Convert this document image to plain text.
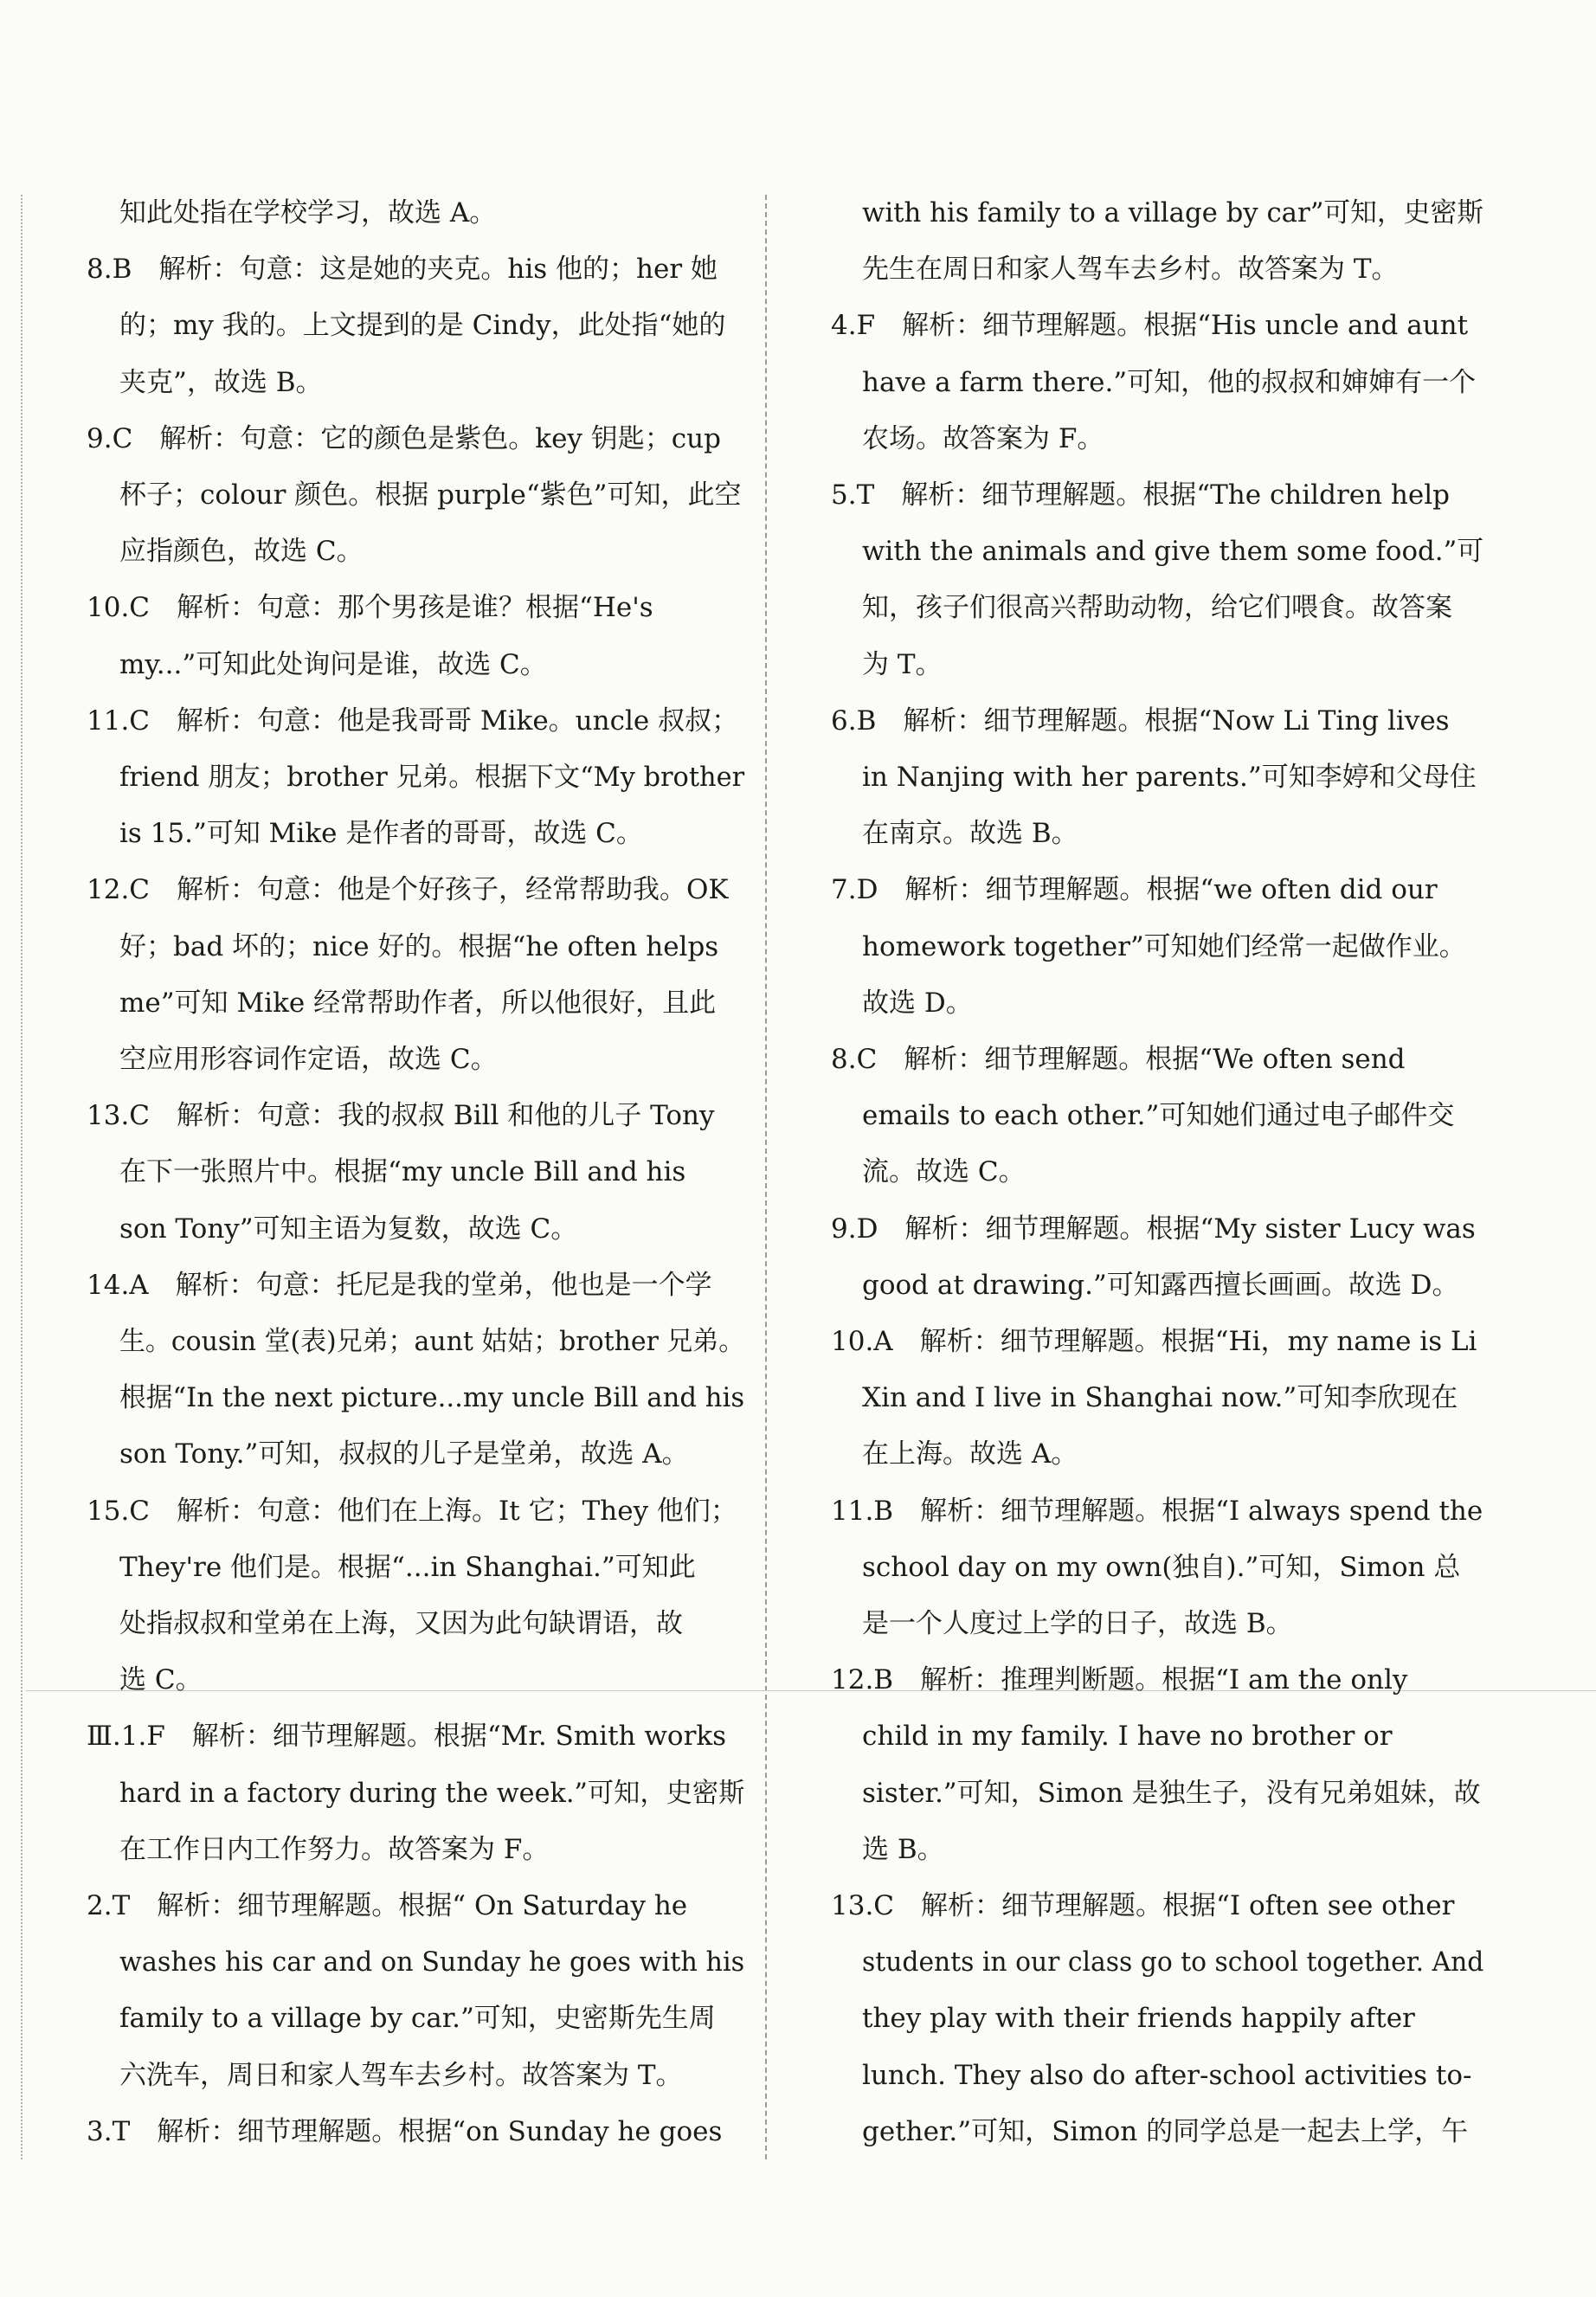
知此处指在学校学习，故选 A。
8.B　解析：句意：这是她的夹克。his 他的；her 她
的；my 我的。上文提到的是 Cindy，此处指“她的
夹克”，故选 B。
9.C　解析：句意：它的颜色是紫色。key 钥匙；cup
杯子；colour 颜色。根据 purple“紫色”可知，此空
应指颜色，故选 C。
10.C　解析：句意：那个男孩是谁？根据“He's
my...”可知此处询问是谁，故选 C。
11.C　解析：句意：他是我哥哥 Mike。uncle 叔叔；
friend 朋友；brother 兄弟。根据下文“My brother
is 15.”可知 Mike 是作者的哥哥，故选 C。
12.C　解析：句意：他是个好孩子，经常帮助我。OK
好；bad 坏的；nice 好的。根据“he often helps
me”可知 Mike 经常帮助作者，所以他很好，且此
空应用形容词作定语，故选 C。
13.C　解析：句意：我的叔叔 Bill 和他的儿子 Tony
在下一张照片中。根据“my uncle Bill and his
son Tony”可知主语为复数，故选 C。
14.A　解析：句意：托尼是我的堂弟，他也是一个学
生。cousin 堂(表)兄弟；aunt 姑姑；brother 兄弟。
根据“In the next picture...my uncle Bill and his
son Tony.”可知，叔叔的儿子是堂弟，故选 A。
15.C　解析：句意：他们在上海。It 它；They 他们；
They're 他们是。根据“...in Shanghai.”可知此
处指叔叔和堂弟在上海，又因为此句缺谓语，故
选 C。
Ⅲ.1.F　解析：细节理解题。根据“Mr. Smith works
hard in a factory during the week.”可知，史密斯
在工作日内工作努力。故答案为 F。
2.T　解析：细节理解题。根据“ On Saturday he
washes his car and on Sunday he goes with his
family to a village by car.”可知，史密斯先生周
六洗车，周日和家人驾车去乡村。故答案为 T。
3.T　解析：细节理解题。根据“on Sunday he goes
with his family to a village by car”可知，史密斯
先生在周日和家人驾车去乡村。故答案为 T。
4.F　解析：细节理解题。根据“His uncle and aunt
have a farm there.”可知，他的叔叔和婶婶有一个
农场。故答案为 F。
5.T　解析：细节理解题。根据“The children help
with the animals and give them some food.”可
知，孩子们很高兴帮助动物，给它们喂食。故答案
为 T。
6.B　解析：细节理解题。根据“Now Li Ting lives
in Nanjing with her parents.”可知李婷和父母住
在南京。故选 B。
7.D　解析：细节理解题。根据“we often did our
homework together”可知她们经常一起做作业。
故选 D。
8.C　解析：细节理解题。根据“We often send
emails to each other.”可知她们通过电子邮件交
流。故选 C。
9.D　解析：细节理解题。根据“My sister Lucy was
good at drawing.”可知露西擅长画画。故选 D。
10.A　解析：细节理解题。根据“Hi，my name is Li
Xin and I live in Shanghai now.”可知李欣现在
在上海。故选 A。
11.B　解析：细节理解题。根据“I always spend the
school day on my own(独自).”可知，Simon 总
是一个人度过上学的日子，故选 B。
12.B　解析：推理判断题。根据“I am the only
child in my family. I have no brother or
sister.”可知，Simon 是独生子，没有兄弟姐妹，故
选 B。
13.C　解析：细节理解题。根据“I often see other
students in our class go to school together. And
they play with their friends happily after
lunch. They also do after-school activities to-
gether.”可知，Simon 的同学总是一起去上学，午
